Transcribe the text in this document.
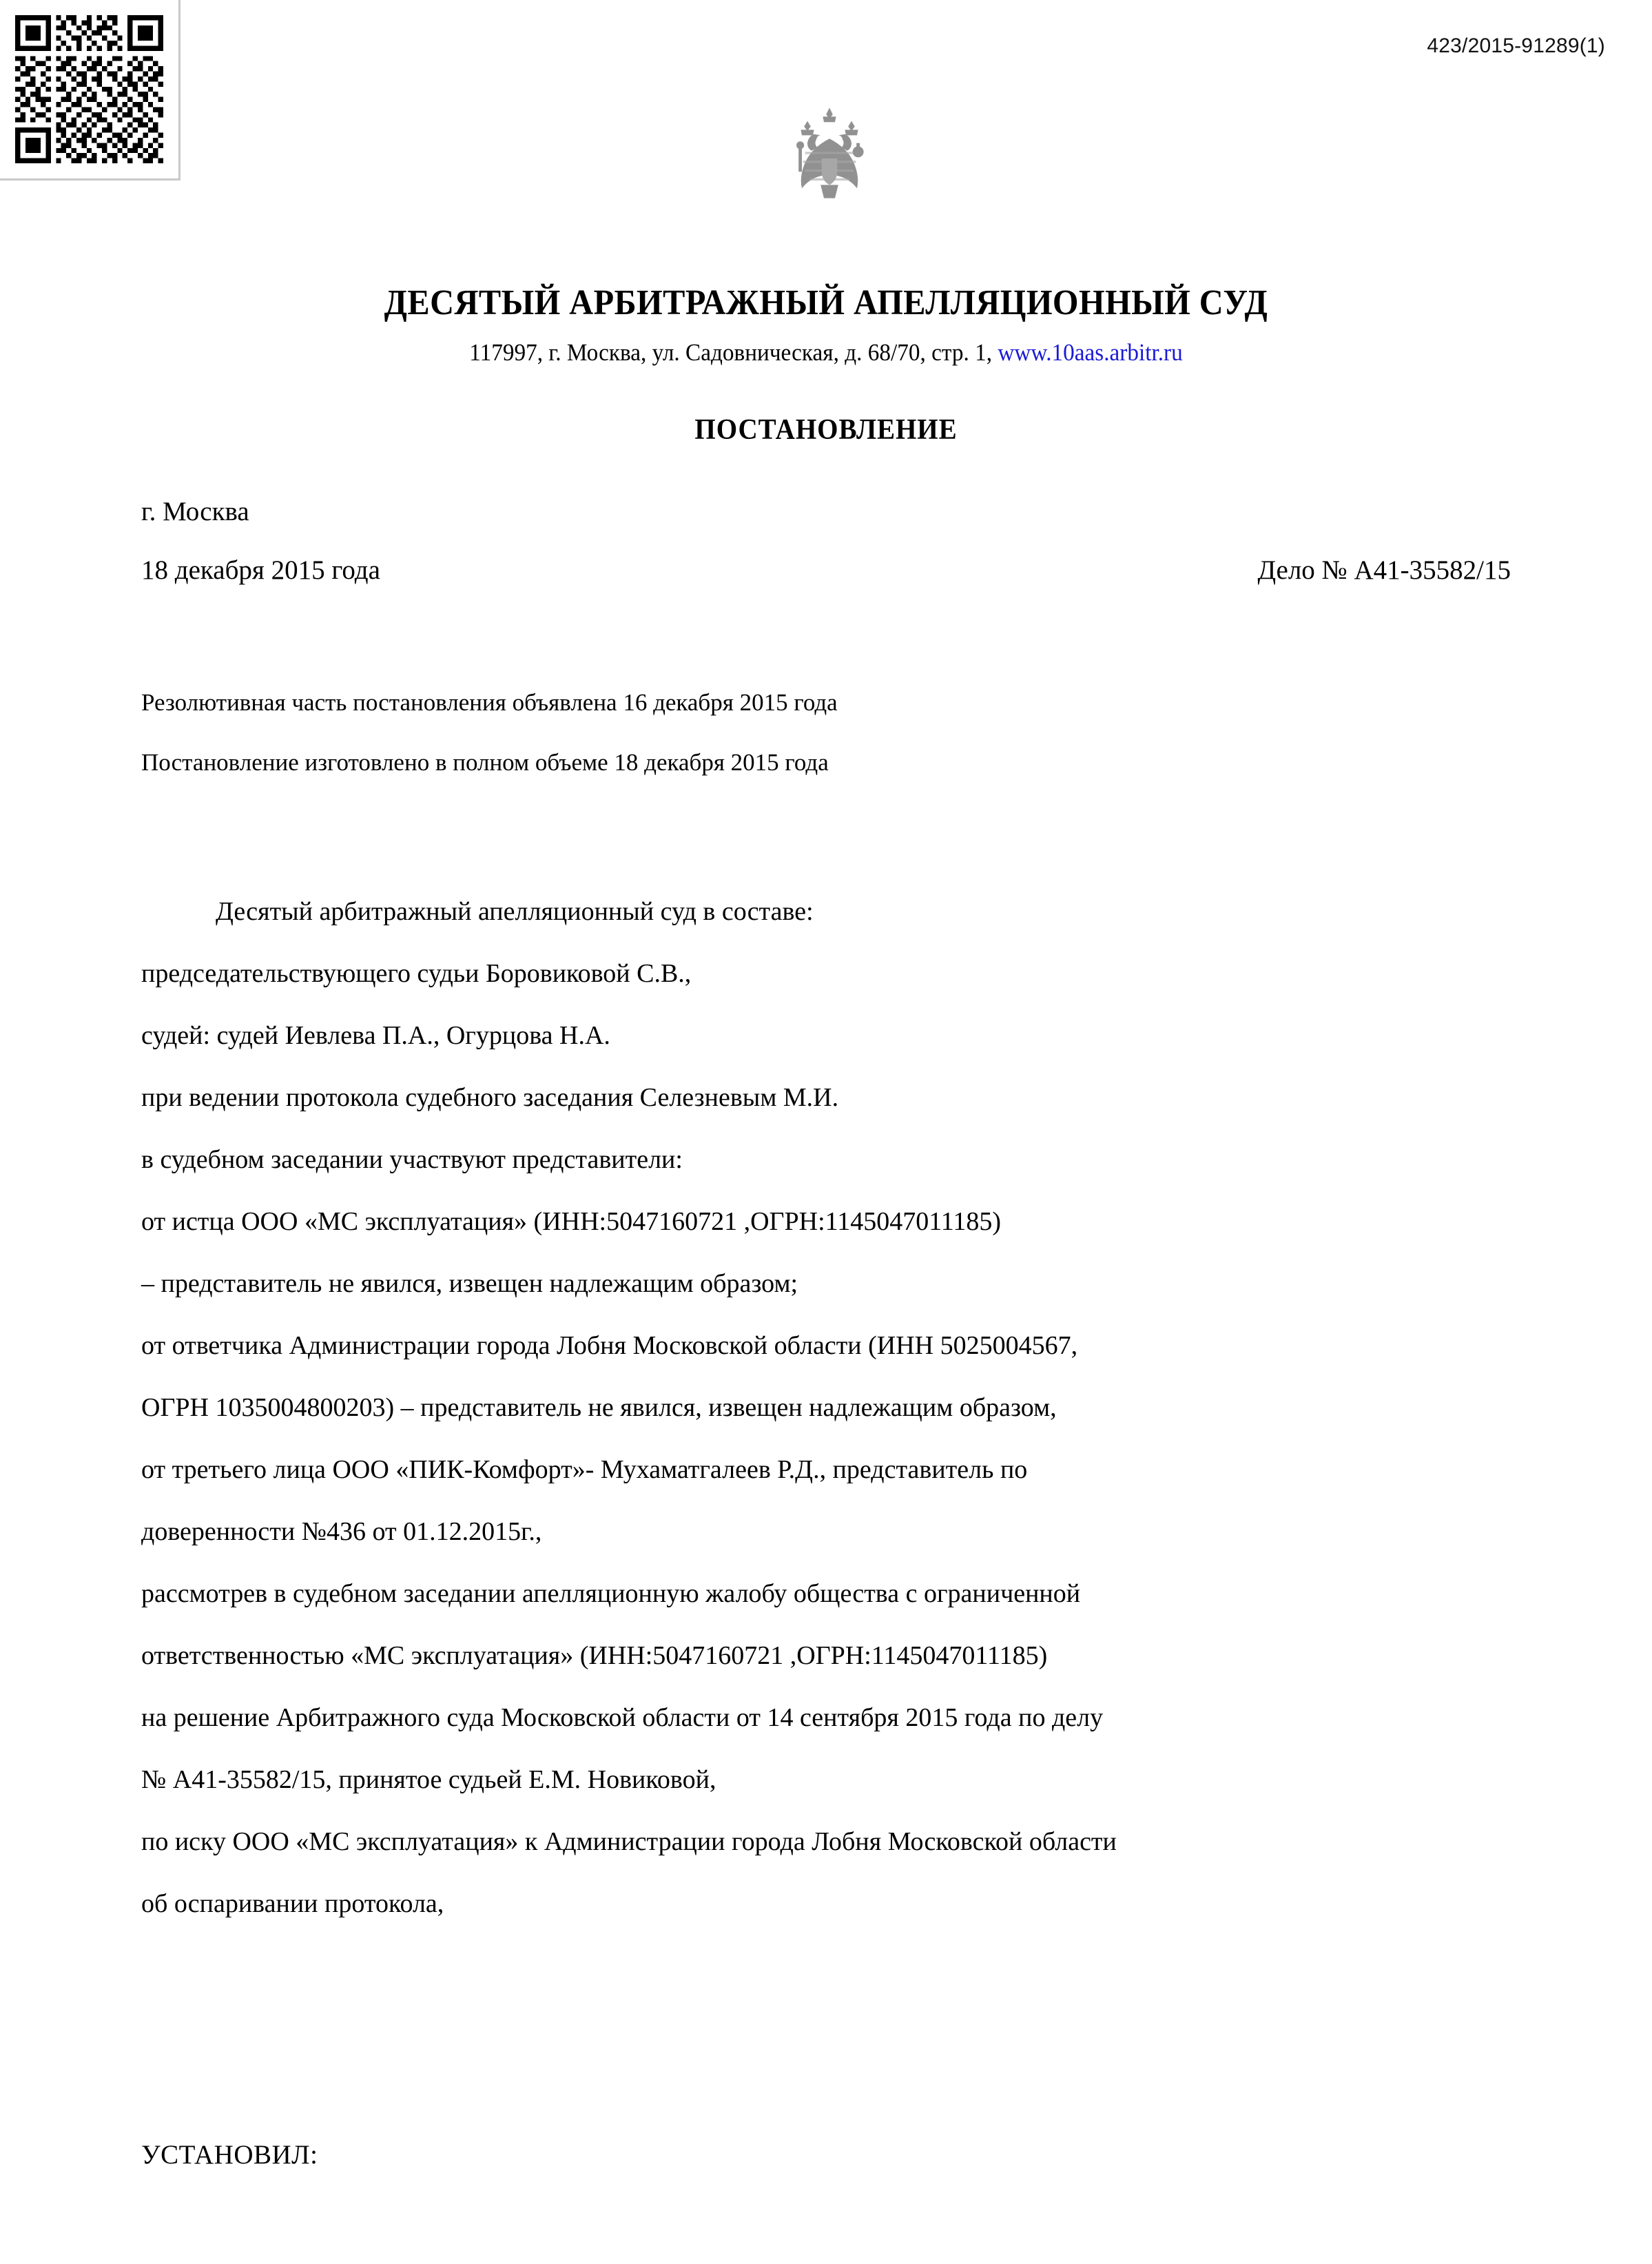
423/2015-91289(1)
ДЕСЯТЫЙ АРБИТРАЖНЫЙ АПЕЛЛЯЦИОННЫЙ СУД
117997, г. Москва, ул. Садовническая, д. 68/70, стр. 1, www.10aas.arbitr.ru
ПОСТАНОВЛЕНИЕ
г. Москва
18 декабря 2015 года	Дело № А41-35582/15
Резолютивная часть постановления объявлена 16 декабря 2015 года
Постановление изготовлено в полном объеме 18 декабря 2015 года

Десятый арбитражный апелляционный суд в составе:

председательствующего судьи Боровиковой С.В.,

судей: судей Иевлева П.А., Огурцова Н.А.

при ведении протокола судебного заседания Селезневым М.И.

в судебном заседании участвуют представители:

от истца ООО «МС эксплуатация» (ИНН:5047160721 ,ОГРН:1145047011185)

– представитель не явился, извещен надлежащим образом;

от ответчика Администрации города Лобня Московской области (ИНН 5025004567,

ОГРН 1035004800203) – представитель не явился, извещен надлежащим образом,

от третьего лица ООО «ПИК-Комфорт»- Мухаматгалеев Р.Д., представитель по

доверенности №436 от 01.12.2015г.,

рассмотрев в судебном заседании апелляционную жалобу общества с ограниченной

ответственностью «МС эксплуатация» (ИНН:5047160721 ,ОГРН:1145047011185)

на решение Арбитражного суда Московской области от 14 сентября 2015 года по делу

№ А41-35582/15, принятое судьей Е.М. Новиковой,

по иску ООО «МС эксплуатация» к Администрации города Лобня Московской области

об оспаривании протокола,

УСТАНОВИЛ:
